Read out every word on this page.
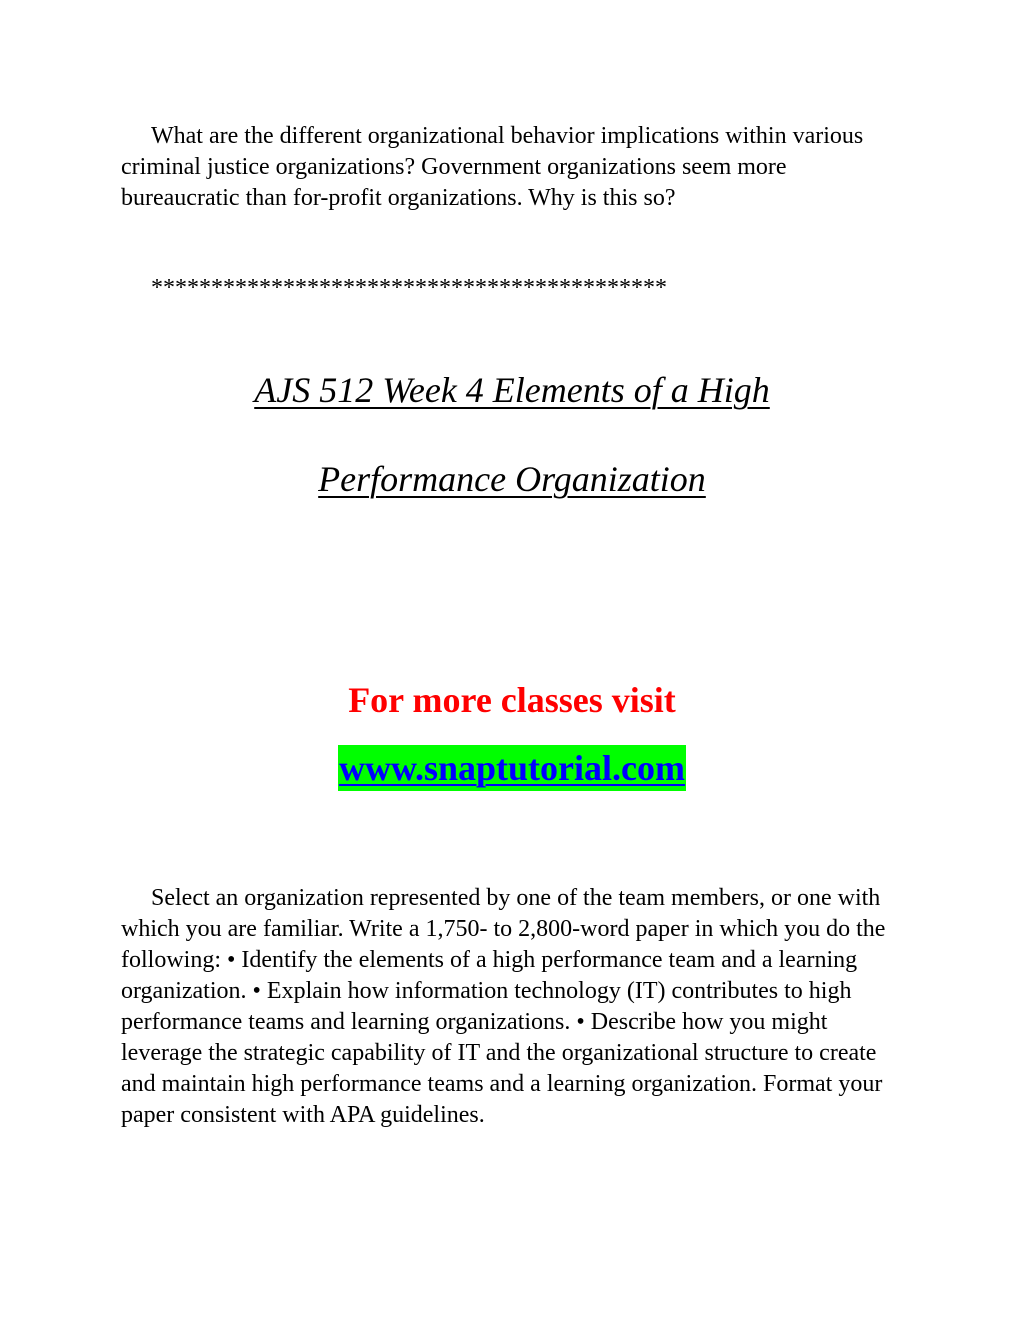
What are the different organizational behavior implications within various criminal justice organizations? Government organizations seem more bureaucratic than for-profit organizations. Why is this so?

*******************************************

AJS 512 Week 4 Elements of a High

Performance Organization

For more classes visit

www.snaptutorial.com

Select an organization represented by one of the team members, or one with which you are familiar. Write a 1,750- to 2,800-word paper in which you do the following: • Identify the elements of a high performance team and a learning organization. • Explain how information technology (IT) contributes to high performance teams and learning organizations. • Describe how you might leverage the strategic capability of IT and the organizational structure to create and maintain high performance teams and a learning organization. Format your paper consistent with APA guidelines.
